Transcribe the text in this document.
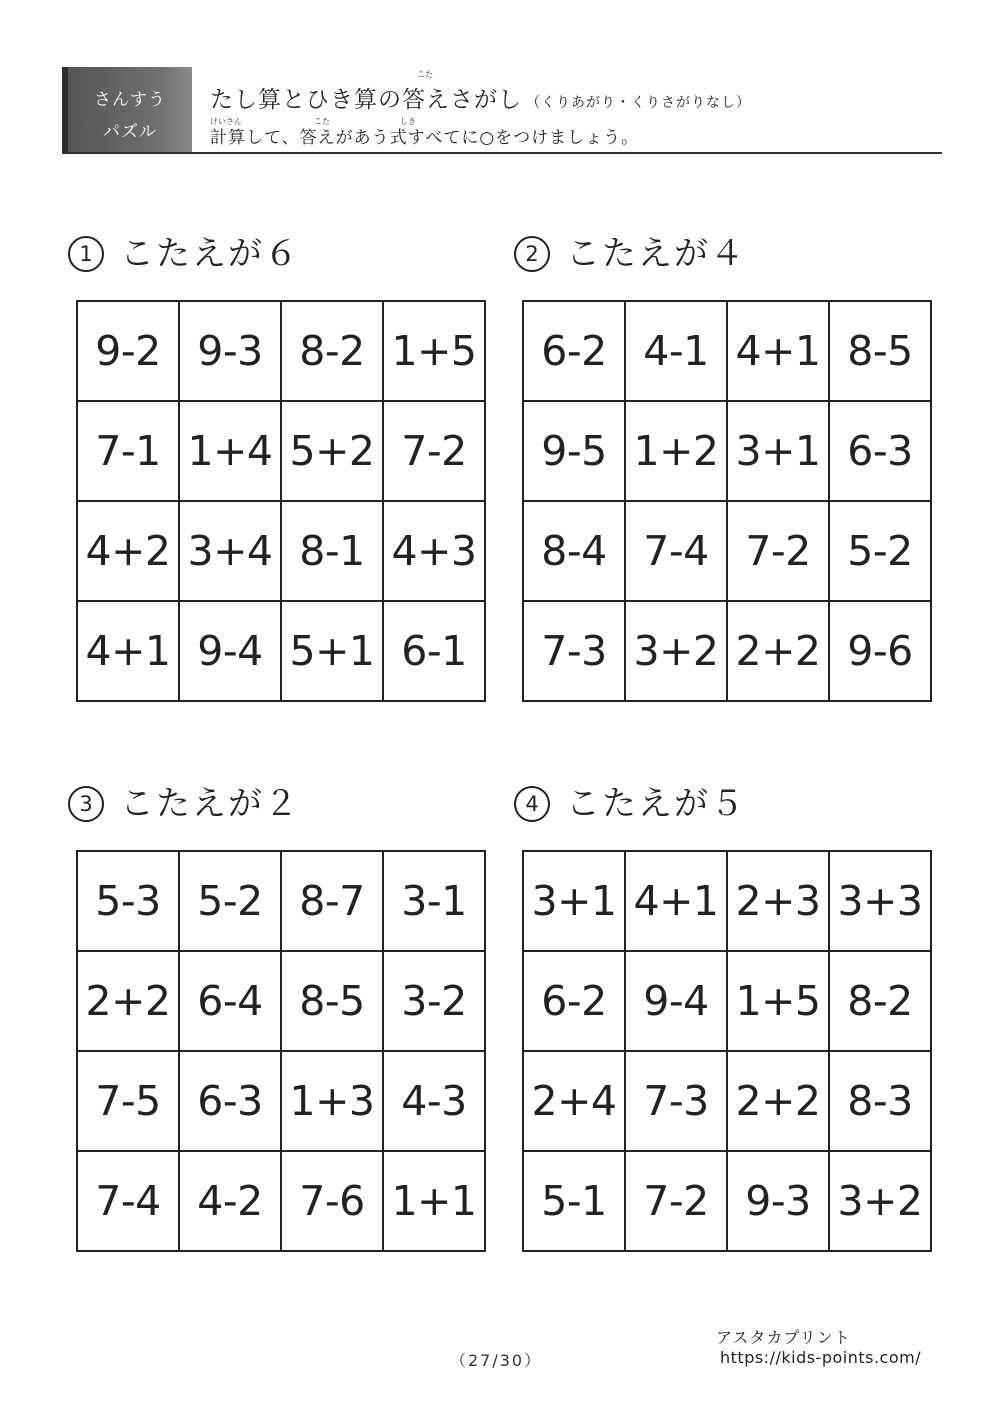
さんすう
パズル
こた
たし算とひき算の答えさがし （くりあがり・くりさがりなし）
けいさん	こた	しき
計算して、答えがあう式すべてに○をつけましょう。
1 こたえが６
9-2	9-3	8-2	1+5
7-1	1+4	5+2	7-2
4+2	3+4	8-1	4+3
4+1	9-4	5+1	6-1
2 こたえが４
6-2	4-1	4+1	8-5
9-5	1+2	3+1	6-3
8-4	7-4	7-2	5-2
7-3	3+2	2+2	9-6
3 こたえが２
5-3	5-2	8-7	3-1
2+2	6-4	8-5	3-2
7-5	6-3	1+3	4-3
7-4	4-2	7-6	1+1
4 こたえが５
3+1	4+1	2+3	3+3
6-2	9-4	1+5	8-2
2+4	7-3	2+2	8-3
5-1	7-2	9-3	3+2
（27/30）
アスタカプリント
https://kids-points.com/
